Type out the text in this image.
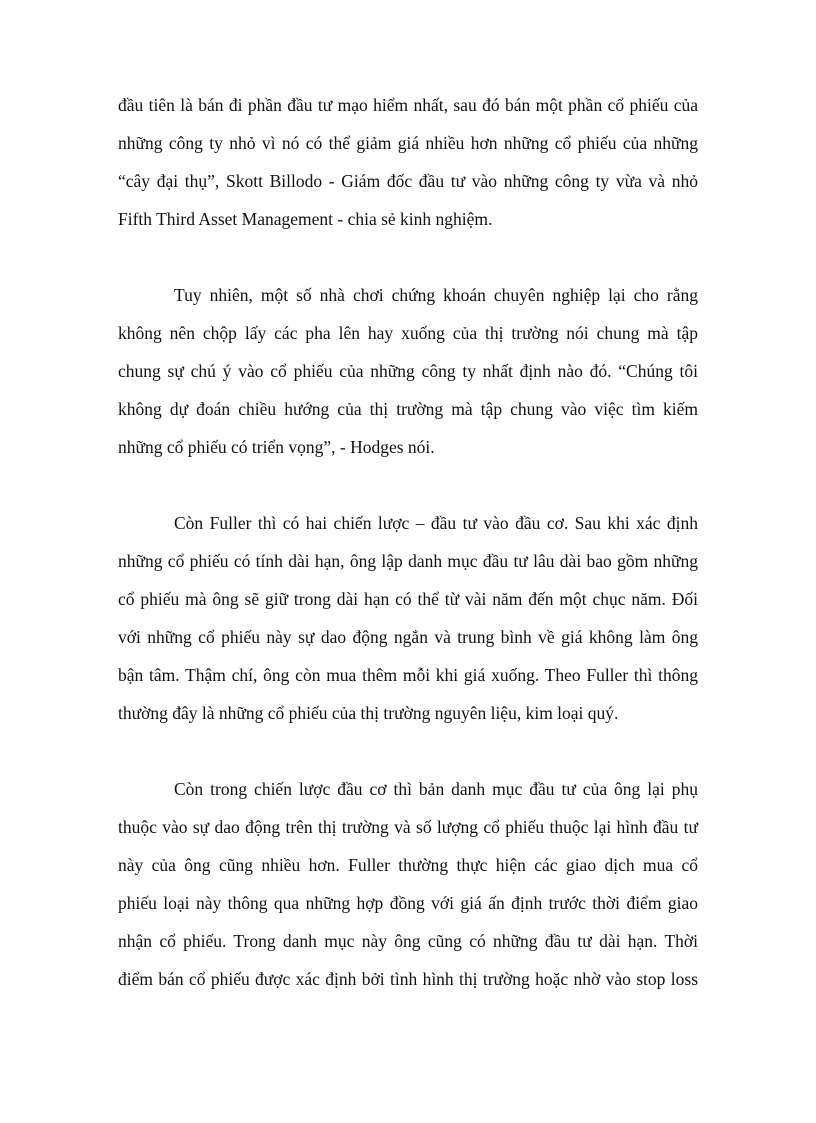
đầu tiên là bán đi phần đầu tư mạo hiểm nhất, sau đó bán một phần cổ phiếu của
những công ty nhỏ vì nó có thể giảm giá nhiều hơn những cổ phiếu của những
“cây đại thụ”, Skott Billodo - Giám đốc đầu tư vào những công ty vừa và nhỏ
Fifth Third Asset Management - chia sẻ kinh nghiệm.
Tuy nhiên, một số nhà chơi chứng khoán chuyên nghiệp lại cho rằng
không nên chộp lấy các pha lên hay xuống của thị trường nói chung mà tập
chung sự chú ý vào cổ phiếu của những công ty nhất định nào đó. “Chúng tôi
không dự đoán chiều hướng của thị trường mà tập chung vào việc tìm kiếm
những cổ phiếu có triển vọng”, - Hodges nói.
Còn Fuller thì có hai chiến lược – đầu tư vào đầu cơ. Sau khi xác định
những cổ phiếu có tính dài hạn, ông lập danh mục đầu tư lâu dài bao gồm những
cổ phiếu mà ông sẽ giữ trong dài hạn có thể từ vài năm đến một chục năm. Đối
với những cổ phiếu này sự dao động ngắn và trung bình về giá không làm ông
bận tâm. Thậm chí, ông còn mua thêm mỗi khi giá xuống. Theo Fuller thì thông
thường đây là những cổ phiếu của thị trường nguyên liệu, kim loại quý.
Còn trong chiến lược đầu cơ thì bản danh mục đầu tư của ông lại phụ
thuộc vào sự dao động trên thị trường và số lượng cổ phiếu thuộc lại hình đầu tư
này của ông cũng nhiều hơn. Fuller thường thực hiện các giao dịch mua cổ
phiếu loại này thông qua những hợp đồng với giá ấn định trước thời điểm giao
nhận cổ phiếu. Trong danh mục này ông cũng có những đầu tư dài hạn. Thời
điểm bán cổ phiếu được xác định bởi tình hình thị trường hoặc nhờ vào stop loss
